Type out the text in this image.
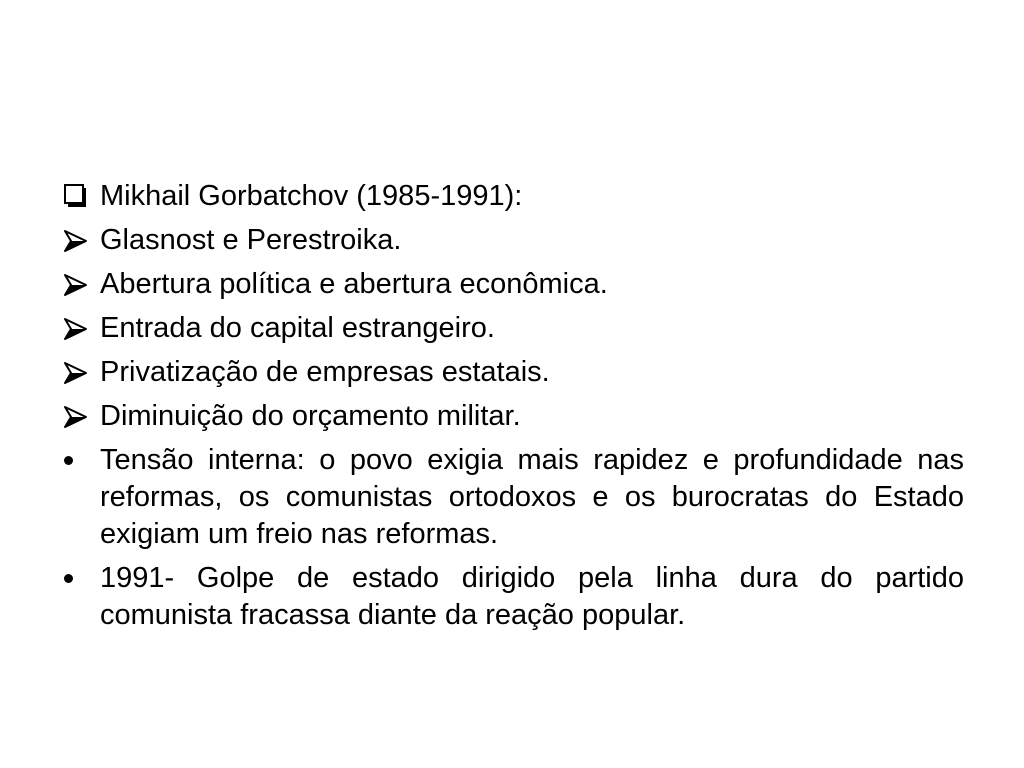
Mikhail Gorbatchov (1985-1991):
Glasnost e Perestroika.
Abertura política e abertura econômica.
Entrada do capital estrangeiro.
Privatização de empresas estatais.
Diminuição do orçamento militar.
Tensão interna: o povo exigia mais rapidez e profundidade nas reformas, os comunistas ortodoxos e os burocratas do Estado exigiam um freio nas reformas.
1991- Golpe de estado dirigido pela linha dura do partido comunista fracassa diante da reação popular.
